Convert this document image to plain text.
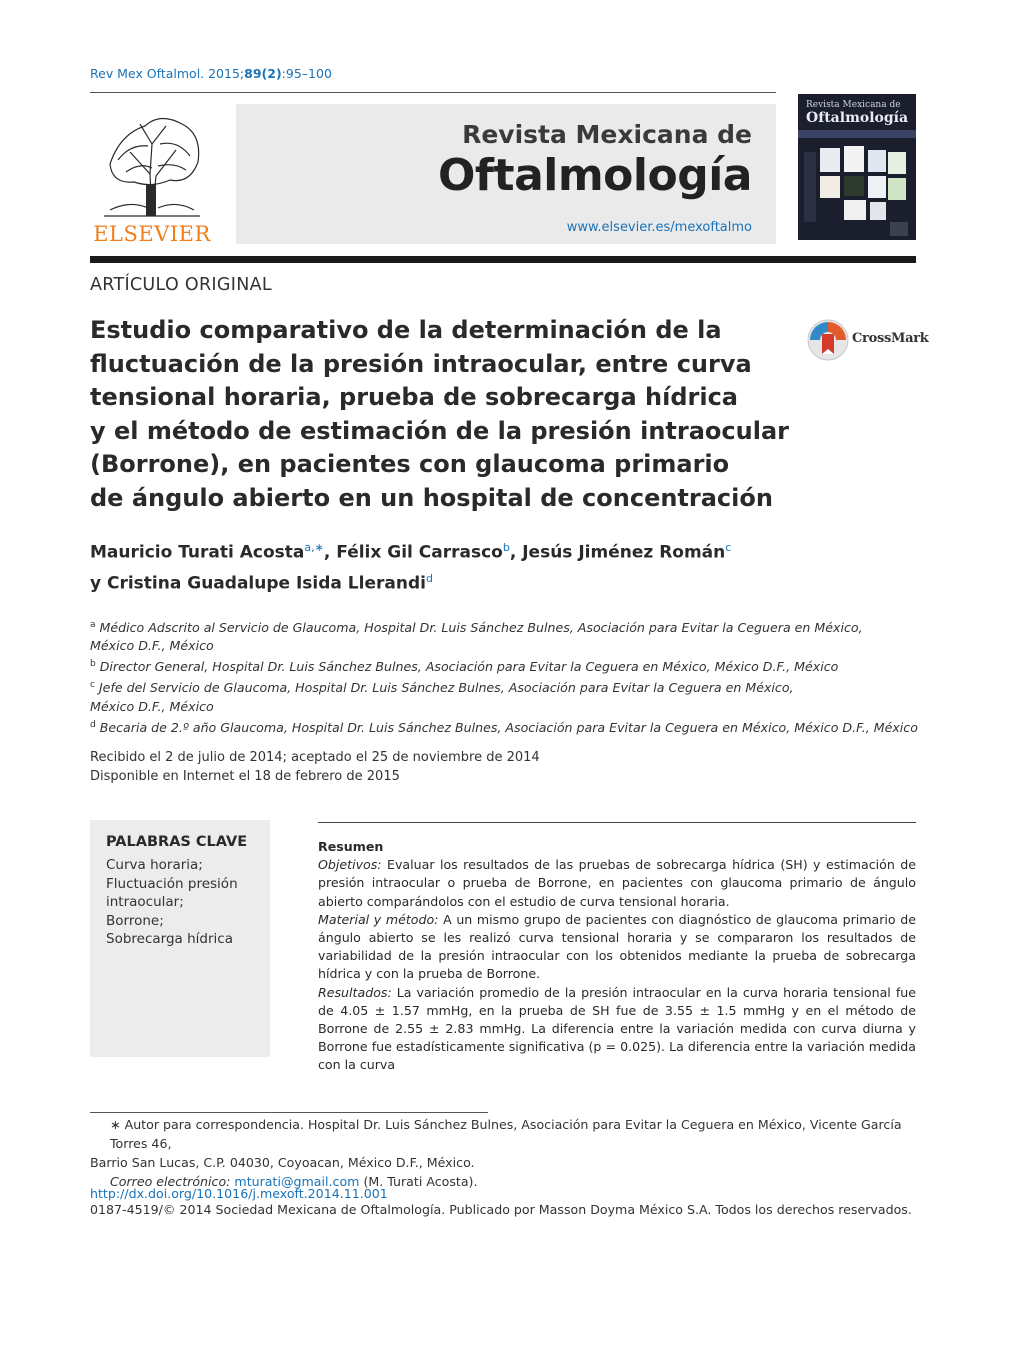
Rev Mex Oftalmol. 2015;89(2):95–100
ELSEVIER
Revista Mexicana de
Oftalmología
www.elsevier.es/mexoftalmo
Revista Mexicana de
Oftalmología
ARTÍCULO ORIGINAL
Estudio comparativo de la determinación de la
fluctuación de la presión intraocular, entre curva
tensional horaria, prueba de sobrecarga hídrica
y el método de estimación de la presión intraocular
(Borrone), en pacientes con glaucoma primario
de ángulo abierto en un hospital de concentración
CrossMark
Mauricio Turati Acosta$^{a,∗}$, Félix Gil Carrasco$^b$, Jesús Jiménez Román$^c$
y Cristina Guadalupe Isida Llerandi$^d$
$^a$ Médico Adscrito al Servicio de Glaucoma, Hospital Dr. Luis Sánchez Bulnes, Asociación para Evitar la Ceguera en México,
México D.F., México
$^b$ Director General, Hospital Dr. Luis Sánchez Bulnes, Asociación para Evitar la Ceguera en México, México D.F., México
$^c$ Jefe del Servicio de Glaucoma, Hospital Dr. Luis Sánchez Bulnes, Asociación para Evitar la Ceguera en México,
México D.F., México
$^d$ Becaria de 2.º año Glaucoma, Hospital Dr. Luis Sánchez Bulnes, Asociación para Evitar la Ceguera en México, México D.F., México
Recibido el 2 de julio de 2014; aceptado el 25 de noviembre de 2014
Disponible en Internet el 18 de febrero de 2015
PALABRAS CLAVE
Curva horaria;
Fluctuación presión
intraocular;
Borrone;
Sobrecarga hídrica
Resumen

Objetivos: Evaluar los resultados de las pruebas de sobrecarga hídrica (SH) y estimación de presión intraocular o prueba de Borrone, en pacientes con glaucoma primario de ángulo abierto comparándolos con el estudio de curva tensional horaria.

Material y método: A un mismo grupo de pacientes con diagnóstico de glaucoma primario de ángulo abierto se les realizó curva tensional horaria y se compararon los resultados de variabilidad de la presión intraocular con los obtenidos mediante la prueba de sobrecarga hídrica y con la prueba de Borrone.

Resultados: La variación promedio de la presión intraocular en la curva horaria tensional fue de 4.05 ± 1.57 mmHg, en la prueba de SH fue de 3.55 ± 1.5 mmHg y en el método de Borrone de 2.55 ± 2.83 mmHg. La diferencia entre la variación medida con curva diurna y Borrone fue estadísticamente significativa (p = 0.025). La diferencia entre la variación medida con la curva

∗ Autor para correspondencia. Hospital Dr. Luis Sánchez Bulnes, Asociación para Evitar la Ceguera en México, Vicente García Torres 46,
Barrio San Lucas, C.P. 04030, Coyoacan, México D.F., México.
Correo electrónico: mturati@gmail.com (M. Turati Acosta).
http://dx.doi.org/10.1016/j.mexoft.2014.11.001
0187-4519/© 2014 Sociedad Mexicana de Oftalmología. Publicado por Masson Doyma México S.A. Todos los derechos reservados.
